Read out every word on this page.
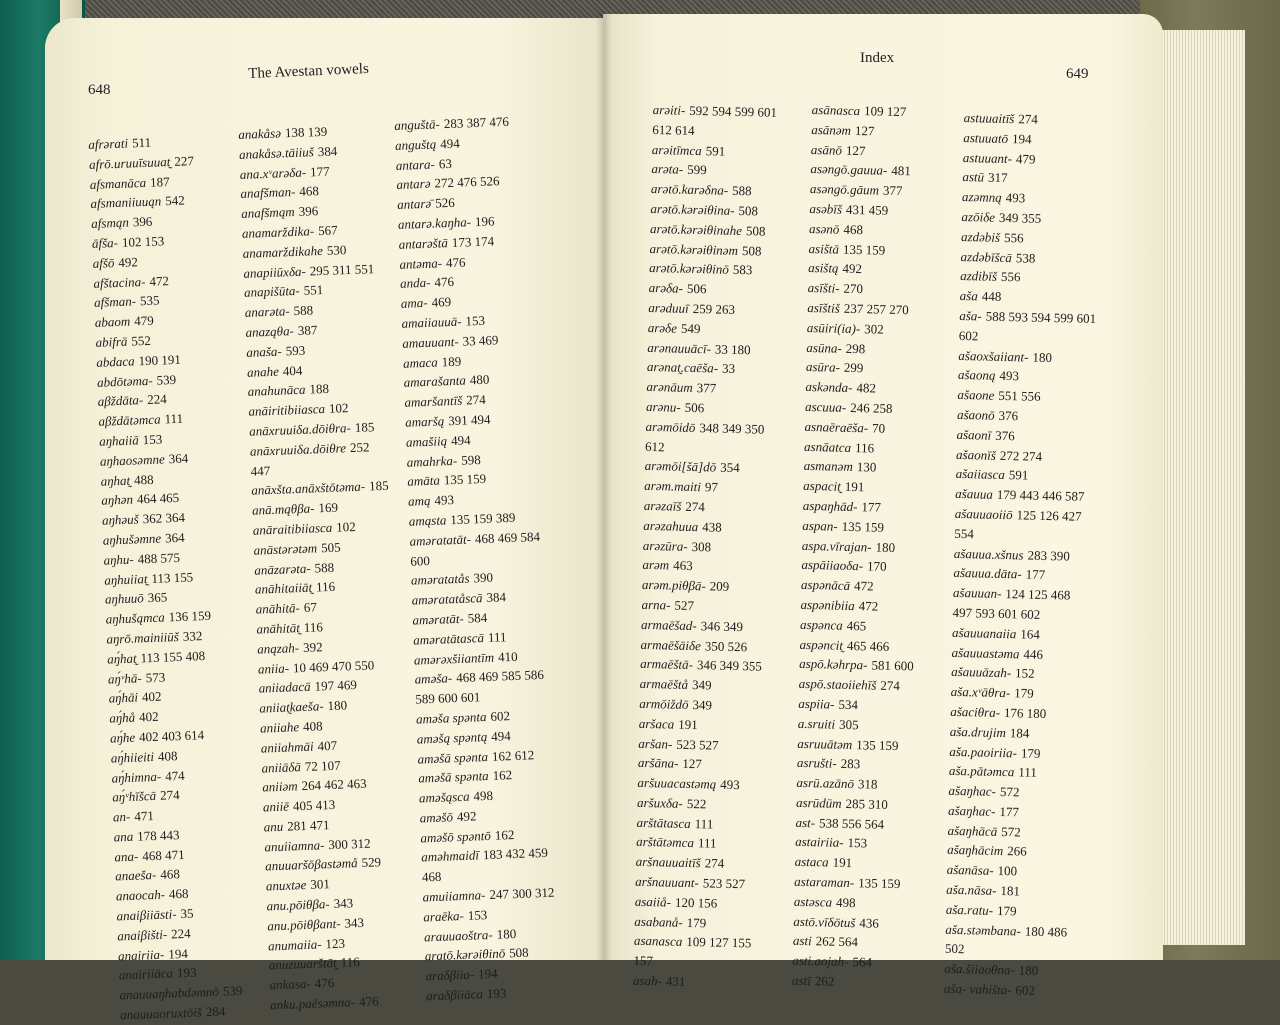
648
The Avestan vowels
Index
649
afrərati 511
afrō.uruuīsuuat̰ 227
afsmanāca 187
afsmaniiuuąn 542
afsmąn 396
āfša- 102 153
afšō 492
afštacina- 472
afšman- 535
abaom 479
abifrā 552
abdaca 190 191
abdōtəma- 539
aβždāta- 224
aβždātəmca 111
aŋhaiiā 153
aŋhaosəmne 364
aŋhat̰ 488
aŋhən 464 465
aŋhəuš 362 364
aŋhušəmne 364
aŋhu- 488 575
aŋhuiiat̰ 113 155
aŋhuuō 365
aŋhušąmca 136 159
aŋrō.mainiiūš 332
aŋ́hat̰ 113 155 408
aŋ́ᵛhā- 573
aŋ́hāi 402
aŋ́hå 402
aŋ́he 402 403 614
aŋ́hiieiti 408
aŋ́himna- 474
aŋ́ᵛhīšcā 274
an- 471
ana 178 443
ana- 468 471
anaeša- 468
anaocah- 468
anaiβiiāsti- 35
anaiβišti- 224
anairiia- 194
anairiiāca 193
anauuaŋhabdəmnō 539
anauuaoruxtōiš 284
anakåsə 138 139
anakåsə.tāiiuš 384
ana.xᵛarəδa- 177
anafšman- 468
anafšmąm 396
anamarždika- 567
anamarždikahe 530
anapiiūxδa- 295 311 551
anapišūta- 551
anarəta- 588
anaząθa- 387
anaša- 593
anahe 404
anahunāca 188
anāiritibiiasca 102
anāxruuiδa.dōiθra- 185
anāxruuiδa.dōiθre 252
447
anāxšta.anāxštōtəma- 185
anā.mąθβa- 169
anāraitibiiasca 102
anāstərətəm 505
anāzarəta- 588
anāhitaiiāt̰ 116
anāhitā- 67
anāhitāt̰ 116
anązah- 392
aniia- 10 469 470 550
aniiadacā 197 469
aniiat̰kaeša- 180
aniiahe 408
aniiahmāi 407
aniiāδā 72 107
aniiəm 264 462 463
aniiē 405 413
anu 281 471
anuiiamna- 300 312
anuuaršōβastəmå 529
anuxtəe 301
anu.pōiθβa- 343
anu.pōiθβant- 343
anumaiia- 123
anuzuuarštāt̰ 116
ankasa- 476
anku.paēsəmna- 476
anguštā- 283 387 476
anguštą 494
antara- 63
antarə 272 476 526
antarə̄ 526
antarə.kaŋha- 196
antarəštā 173 174
antəma- 476
anda- 476
ama- 469
amaiiauuā- 153
amauuant- 33 469
amaca 189
amarašanta 480
amaršantīš 274
amaršą 391 494
amašiią 494
amahrka- 598
amāta 135 159
amą 493
amąsta 135 159 389
aməratatāt- 468 469 584
600
aməratatås 390
aməratatåscā 384
aməratāt- 584
aməratātascā 111
amərəxšiiantīm 410
aməša- 468 469 585 586
589 600 601
aməša spənta 602
aməšą spəntą 494
aməšā spənta 162 612
aməšā spənta 162
aməšąsca 498
aməšō 492
aməšō spəntō 162
aməhmaidī 183 432 459
468
amuiiamna- 247 300 312
araēka- 153
arauuaoštra- 180
aratō.kərəiθinō 508
araδβiia- 194
araδβiiāca 193
arəiti- 592 594 599 601
612 614
arəitīmca 591
arəta- 599
arətō.karəδna- 588
arətō.kərəiθina- 508
arətō.kərəiθinahe 508
arətō.kərəiθinəm 508
arətō.kərəiθinō 583
arəδa- 506
arəduuī 259 263
arəδe 549
arənauuācī- 33 180
arənat̰.caēša- 33
arənāum 377
arənu- 506
arəmōidō 348 349 350
612
arəmōi[šā]dō 354
arəm.maiti 97
arəzaīš 274
arəzahuua 438
arəzūra- 308
arəm 463
arəm.piθβā- 209
arna- 527
armaēšad- 346 349
armaēšāiδe 350 526
armaēštā- 346 349 355
armaēštå 349
armōiždō 349
aršaca 191
aršan- 523 527
aršāna- 127
aršuuacastəmą 493
aršuxδa- 522
arštātasca 111
arštātəmca 111
aršnauuaitīš 274
aršnauuant- 523 527
asaiiå- 120 156
asabanå- 179
asanasca 109 127 155
157
asah- 431
asānasca 109 127
asānəm 127
asānō 127
asəngō.gauua- 481
asəngō.gāum 377
asəbīš 431 459
asənō 468
asištā 135 159
asištą 492
asīšti- 270
asīštiš 237 257 270
asūiri(ia)- 302
asūna- 298
asūra- 299
askənda- 482
ascuua- 246 258
asnaēraēša- 70
asnāatca 116
asmanəm 130
aspacit̰ 191
aspaŋhād- 177
aspan- 135 159
aspa.vīrajan- 180
aspāiiaoδa- 170
aspənācā 472
aspənibiia 472
aspənca 465
aspəncit̰ 465 466
aspō.kəhrpa- 581 600
aspō.staoiiehīš 274
aspiia- 534
a.sruiti 305
asruuātəm 135 159
asrušti- 283
asrū.azānō 318
asrūdūm 285 310
ast- 538 556 564
astairiia- 153
astaca 191
astaraman- 135 159
astəsca 498
astō.vīδōtuš 436
asti 262 564
asti.aojah- 564
astī 262
astuuaitīš 274
astuuatō 194
astuuant- 479
astū 317
azəmną 493
azōiδe 349 355
azdəbiš 556
azdəbīšcā 538
azdibīš 556
aša 448
aša- 588 593 594 599 601
602
ašaoxšaiiant- 180
ašaoną 493
ašaone 551 556
ašaonō 376
ašaonī 376
ašaonīš 272 274
ašaiiasca 591
ašauua 179 443 446 587
ašauuaoiiō 125 126 427
554
ašauua.xšnus 283 390
ašauua.dāta- 177
ašauuan- 124 125 468
497 593 601 602
ašauuanaiia 164
ašauuastəma 446
ašauuāzah- 152
aša.xᵛāθra- 179
ašaciθra- 176 180
aša.drujim 184
aša.paoiriia- 179
aša.pātəmca 111
ašaŋhac- 572
ašaŋhac- 177
ašaŋhācā 572
ašaŋhācim 266
ašanāsa- 100
aša.nāsa- 181
aša.ratu- 179
aša.stəmbana- 180 486
502
aša.šiiaoθna- 180
aša- vahišta- 602
